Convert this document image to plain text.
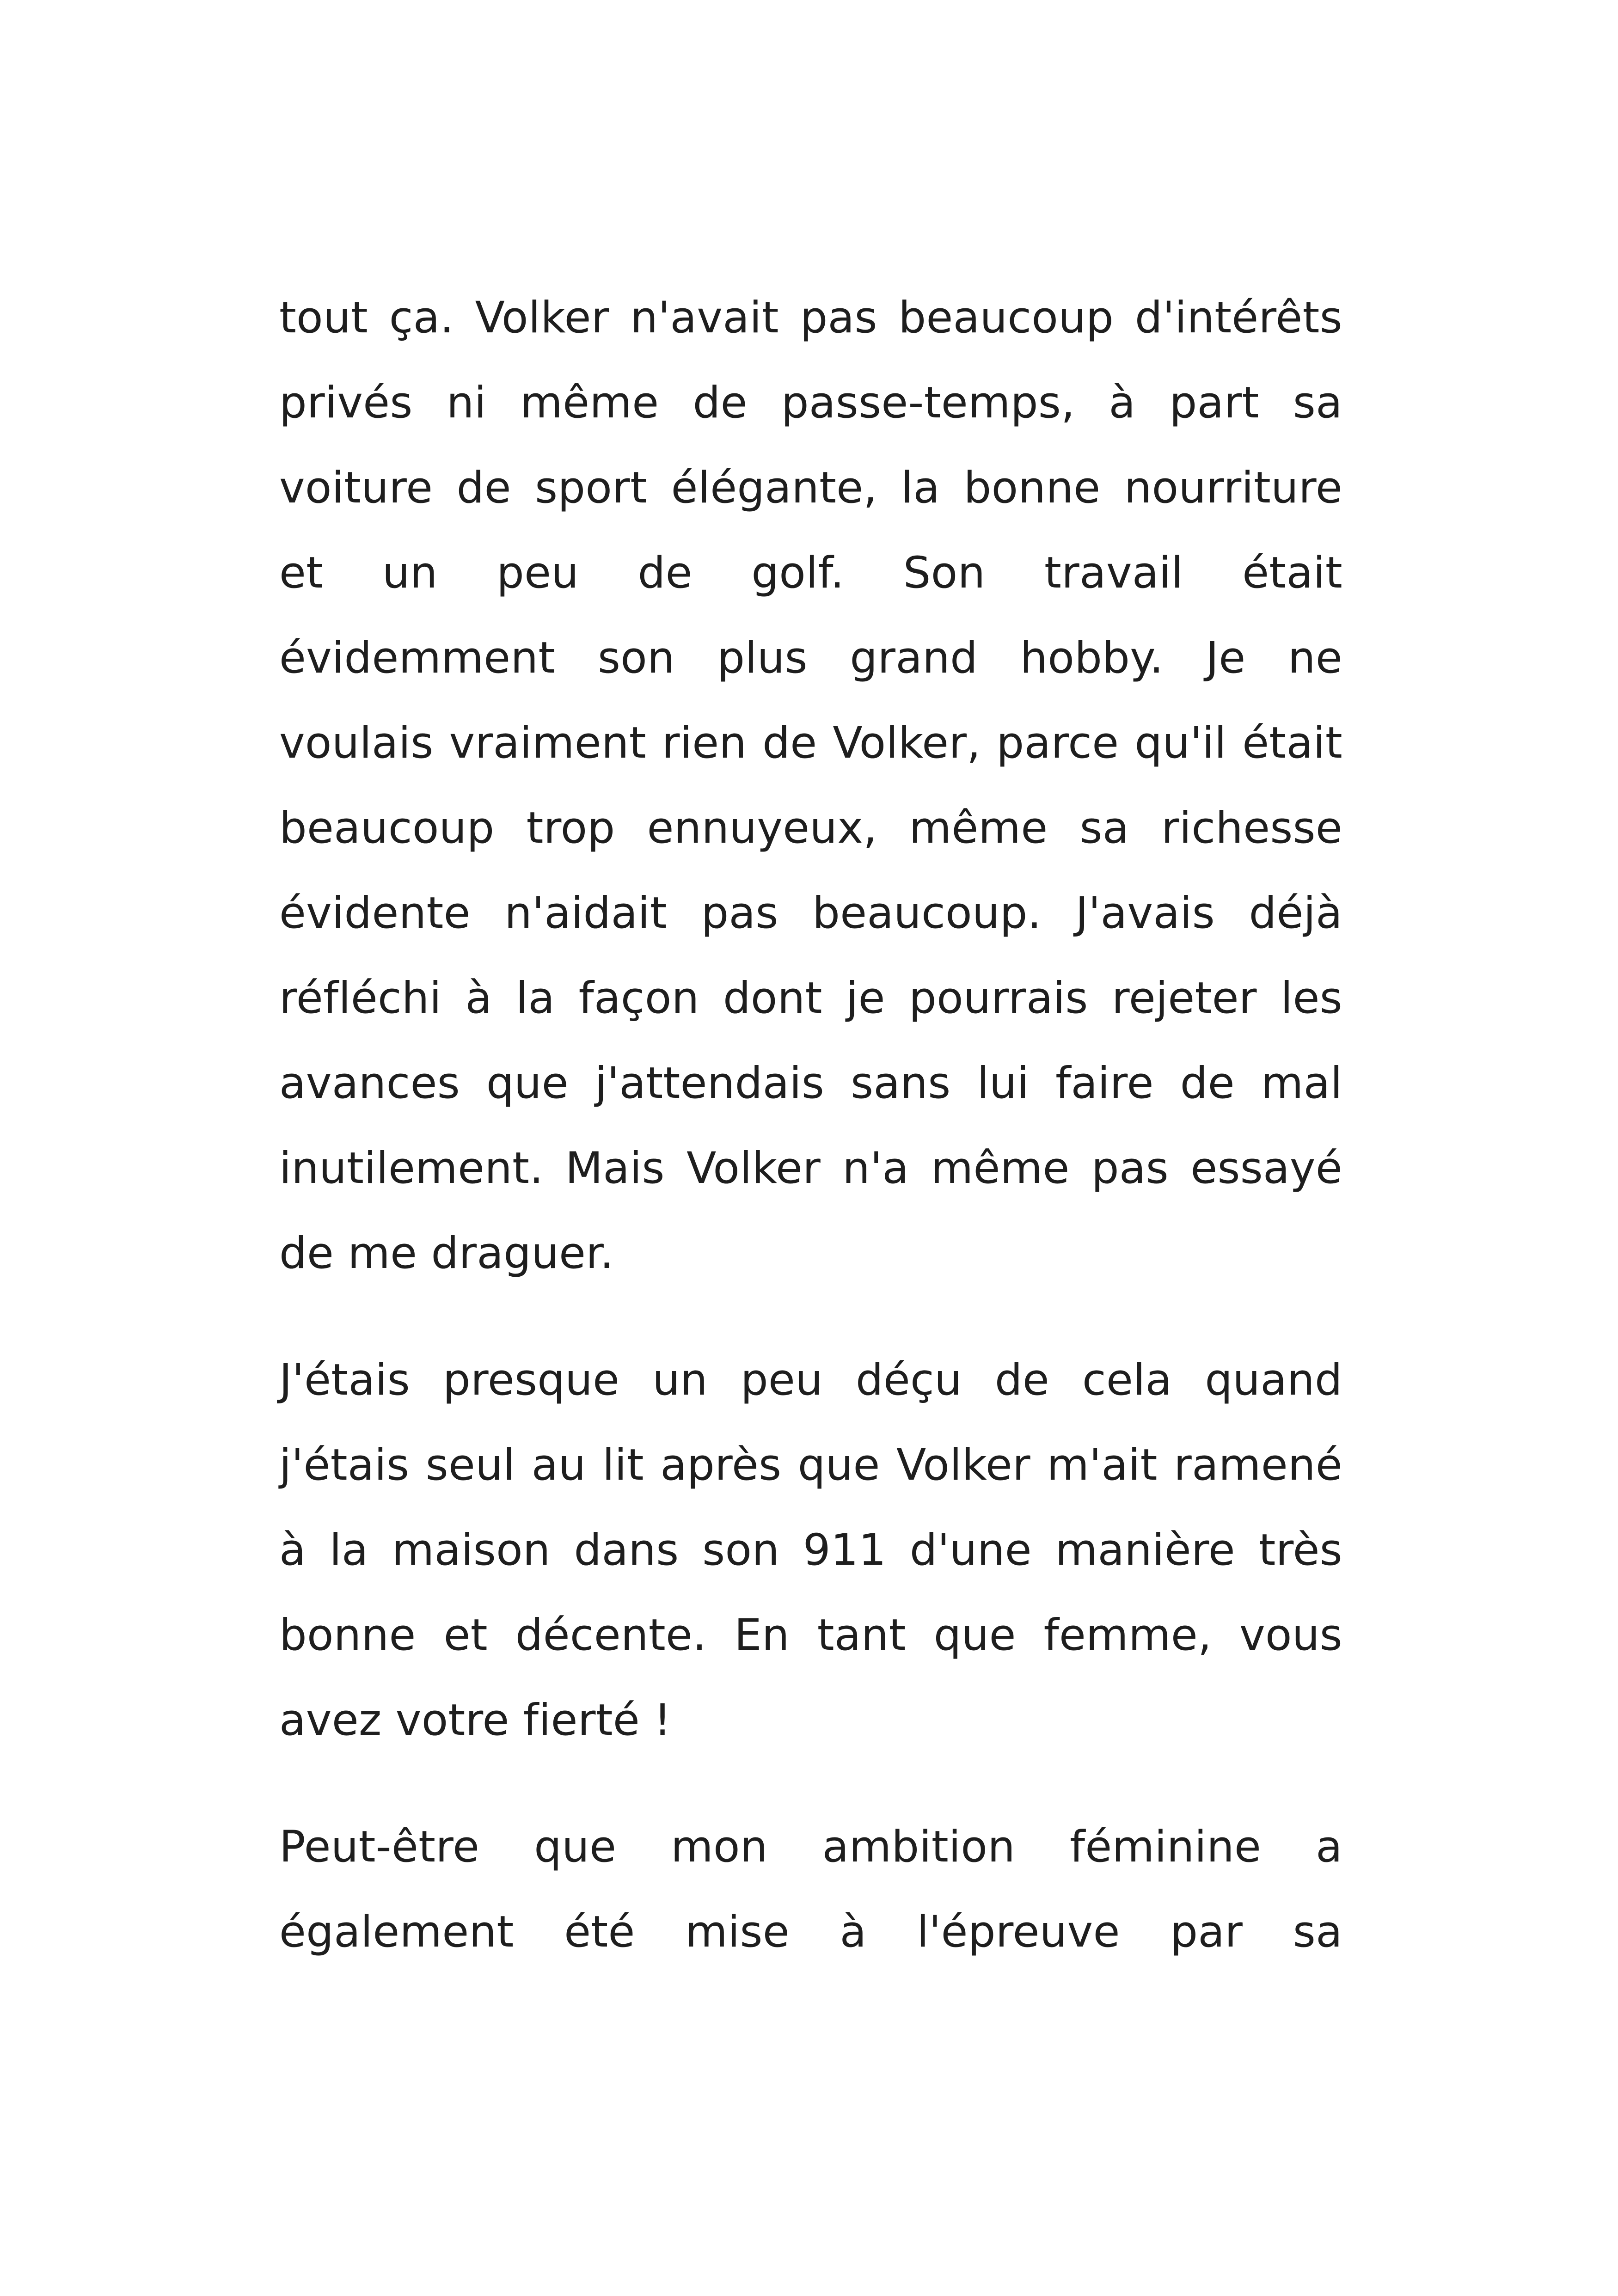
tout ça. Volker n'avait pas beaucoup d'intérêts
privés ni même de passe-temps, à part sa
voiture de sport élégante, la bonne nourriture
et un peu de golf. Son travail était
évidemment son plus grand hobby. Je ne
voulais vraiment rien de Volker, parce qu'il était
beaucoup trop ennuyeux, même sa richesse
évidente n'aidait pas beaucoup. J'avais déjà
réfléchi à la façon dont je pourrais rejeter les
avances que j'attendais sans lui faire de mal
inutilement. Mais Volker n'a même pas essayé
de me draguer.
J'étais presque un peu déçu de cela quand
j'étais seul au lit après que Volker m'ait ramené
à la maison dans son 911 d'une manière très
bonne et décente. En tant que femme, vous
avez votre fierté !
Peut-être que mon ambition féminine a
également été mise à l'épreuve par sa
